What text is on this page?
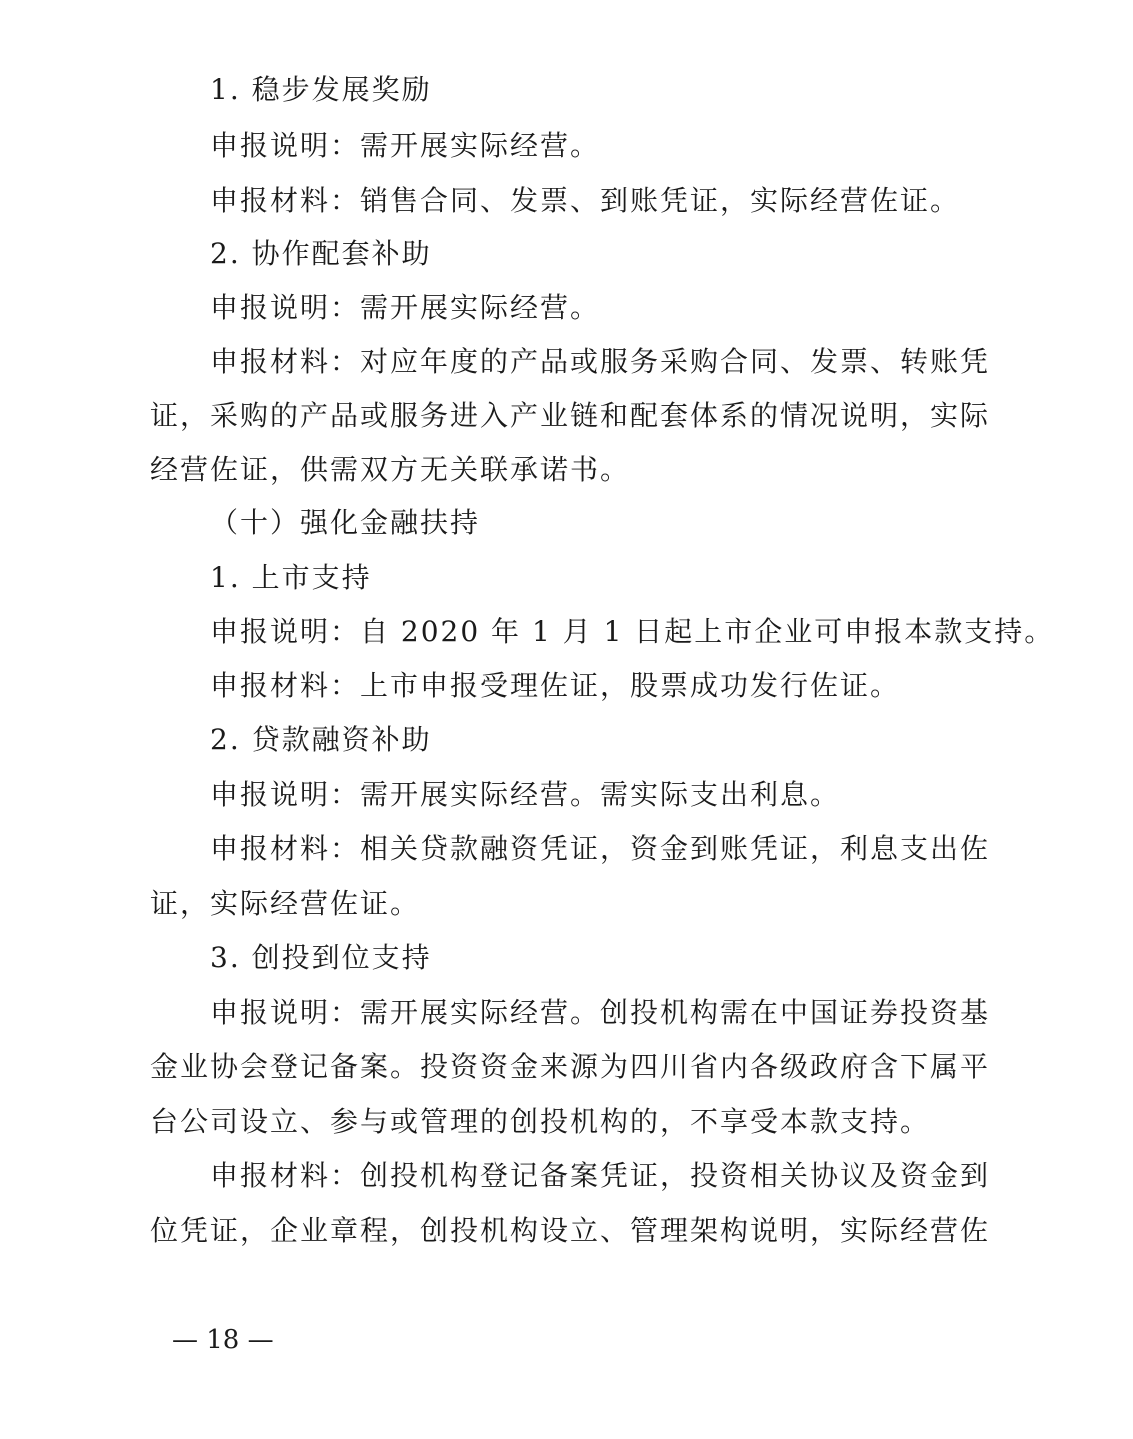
1. 稳步发展奖励
申报说明：需开展实际经营。
申报材料：销售合同、发票、到账凭证，实际经营佐证。
2. 协作配套补助
申报说明：需开展实际经营。
申报材料：对应年度的产品或服务采购合同、发票、转账凭
证，采购的产品或服务进入产业链和配套体系的情况说明，实际
经营佐证，供需双方无关联承诺书。
（十）强化金融扶持
1. 上市支持
申报说明：自 2020 年 1 月 1 日起上市企业可申报本款支持。
申报材料：上市申报受理佐证，股票成功发行佐证。
2. 贷款融资补助
申报说明：需开展实际经营。需实际支出利息。
申报材料：相关贷款融资凭证，资金到账凭证，利息支出佐
证，实际经营佐证。
3. 创投到位支持
申报说明：需开展实际经营。创投机构需在中国证券投资基
金业协会登记备案。投资资金来源为四川省内各级政府含下属平
台公司设立、参与或管理的创投机构的，不享受本款支持。
申报材料：创投机构登记备案凭证，投资相关协议及资金到
位凭证，企业章程，创投机构设立、管理架构说明，实际经营佐
— 18 —
